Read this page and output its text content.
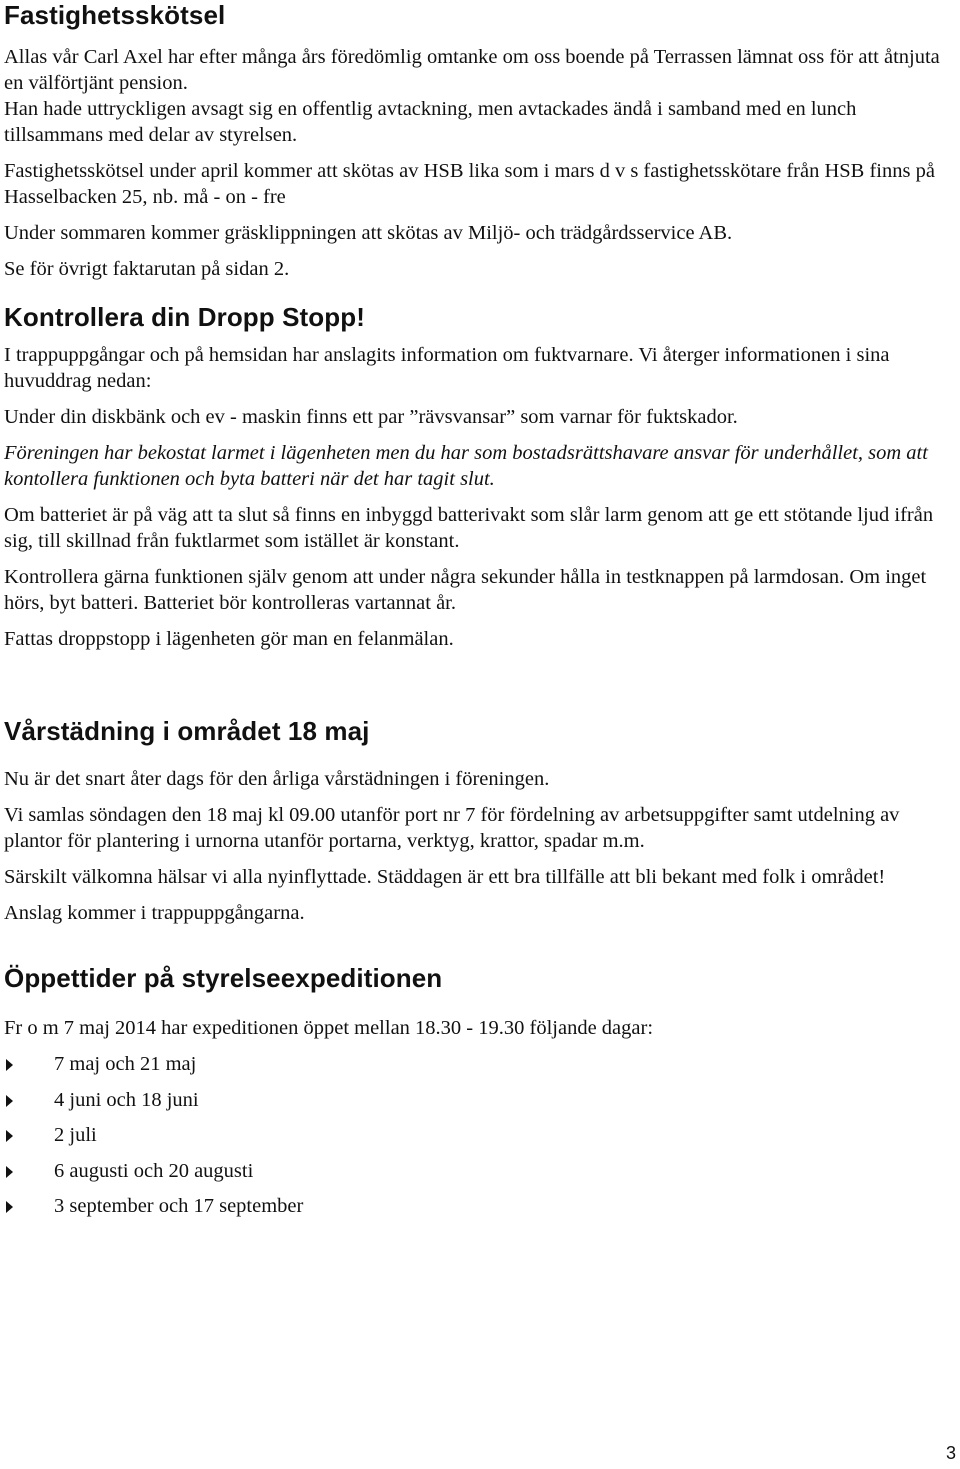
Fastighetsskötsel

Allas vår Carl Axel har efter många års föredömlig omtanke om oss boende på Terrassen lämnat oss för att åtnjuta en välförtjänt pension.

Han hade uttryckligen avsagt sig en offentlig avtackning, men avtackades ändå i samband med en lunch tillsammans med delar av styrelsen.

Fastighetsskötsel under april kommer att skötas av HSB lika som i mars d v s fastighetsskötare från HSB finns på Hasselbacken 25, nb. må - on - fre

Under sommaren kommer gräsklippningen att skötas av Miljö- och trädgårdsservice AB.

Se för övrigt faktarutan på sidan 2.

Kontrollera din Dropp Stopp!

I trappuppgångar och på hemsidan har anslagits information om fuktvarnare. Vi återger informationen i sina huvuddrag nedan:

Under din diskbänk och ev - maskin finns ett par ”rävsvansar” som varnar för fuktskador.

Föreningen har bekostat larmet i lägenheten men du har som bostadsrättshavare ansvar för underhållet, som att kontollera funktionen och byta batteri när det har tagit slut.

Om batteriet är på väg att ta slut så finns en inbyggd batterivakt som slår larm genom att ge ett stötande ljud ifrån sig, till skillnad från fuktlarmet som istället är konstant.

Kontrollera gärna funktionen själv genom att under några sekunder hålla in testknappen på larmdosan. Om inget hörs, byt batteri. Batteriet bör kontrolleras vartannat år.

Fattas droppstopp i lägenheten gör man en felanmälan.

Vårstädning i området 18 maj

Nu är det snart åter dags för den årliga vårstädningen i föreningen.

Vi samlas söndagen den 18 maj kl 09.00 utanför port nr 7 för fördelning av arbetsuppgifter samt utdelning av plantor för plantering i urnorna utanför portarna, verktyg, krattor, spadar m.m.

Särskilt välkomna hälsar vi alla nyinflyttade. Städdagen är ett bra tillfälle att bli bekant med folk i området!

Anslag kommer i trappuppgångarna.

Öppettider på styrelseexpeditionen

Fr o m 7 maj 2014 har expeditionen öppet mellan 18.30 - 19.30 följande dagar:

7 maj och 21 maj
4 juni och 18 juni
2 juli
6 augusti och 20 augusti
3 september och 17 september
3
